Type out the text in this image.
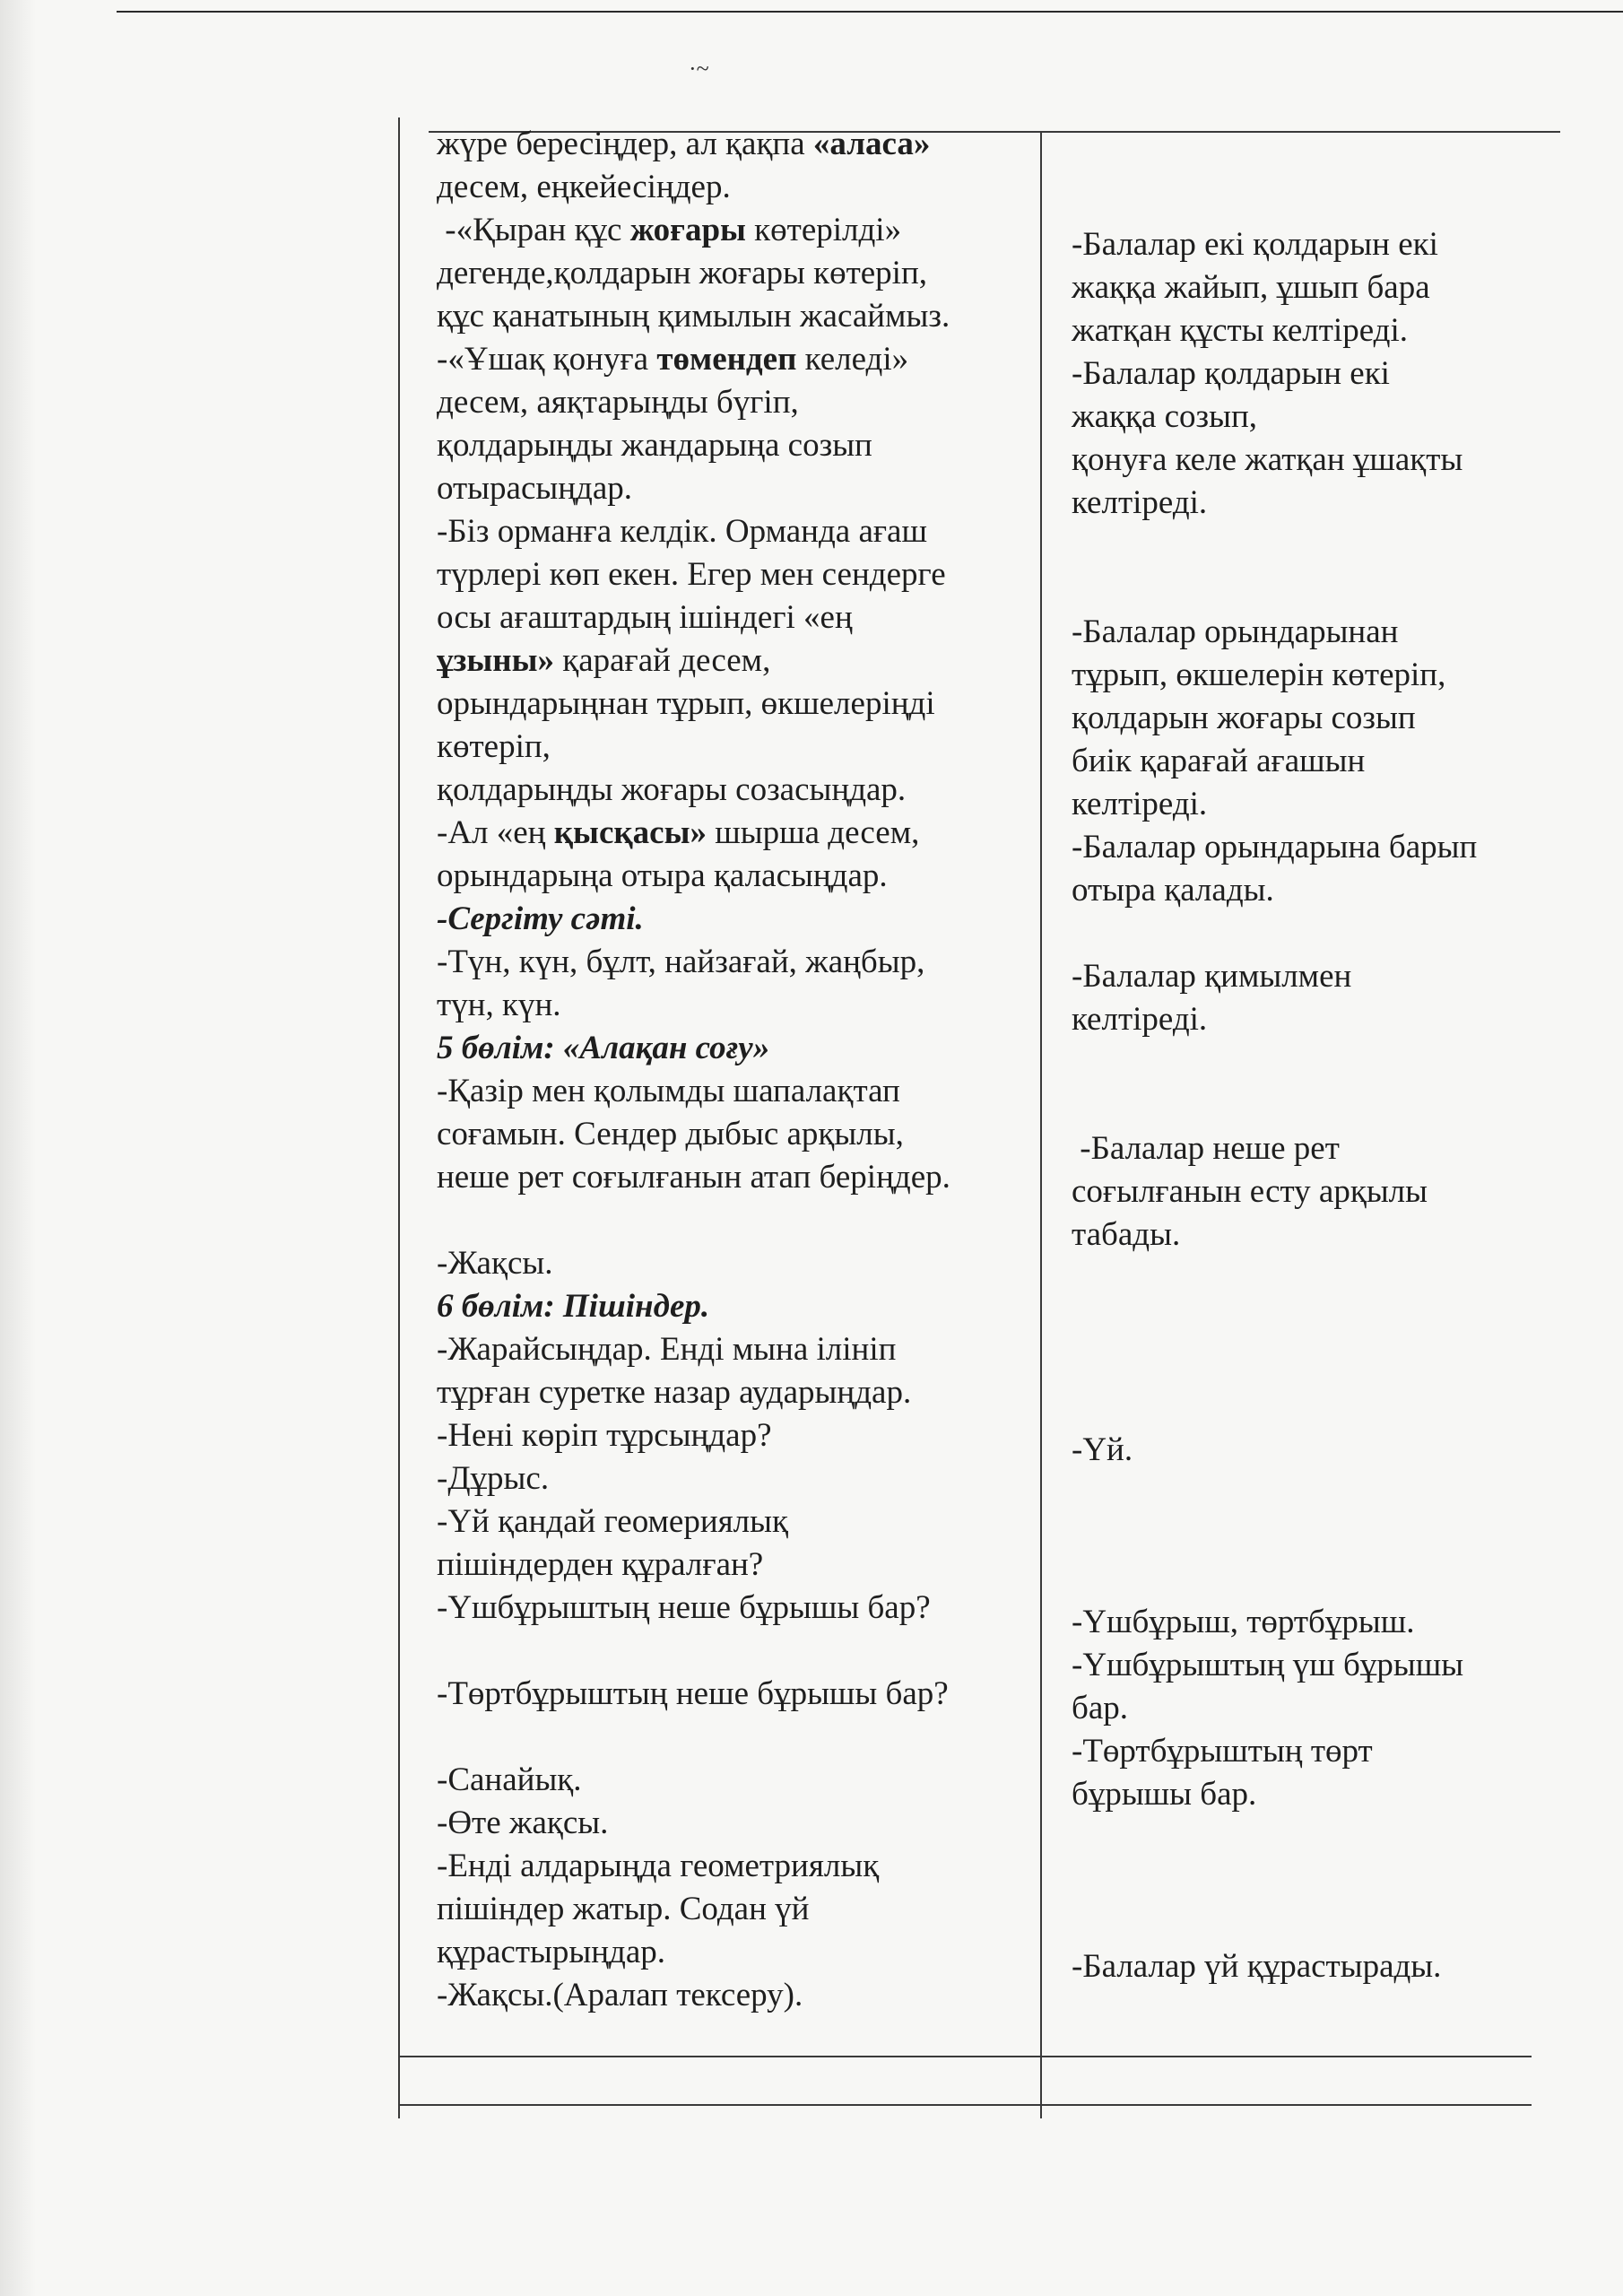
·~
жүре бересіңдер, ал қақпа «аласа»
десем, еңкейесіңдер.
-«Қыран құс жоғары көтерілді»
дегенде,қолдарын жоғары көтеріп,
құс қанатының қимылын жасаймыз.
-«Ұшақ қонуға төмендеп келеді»
десем, аяқтарыңды бүгіп,
қолдарыңды жандарыңа созып
отырасыңдар.
-Біз орманға келдік. Орманда ағаш
түрлері көп екен. Егер мен сендерге
осы ағаштардың ішіндегі «ең
ұзыны» қарағай десем,
орындарыңнан тұрып, өкшелеріңді
көтеріп,
қолдарыңды жоғары созасыңдар.
-Ал «ең қысқасы» шырша десем,
орындарыңа отыра қаласыңдар.
-Сергіту сәті.
-Түн, күн, бұлт, найзағай, жаңбыр,
түн, күн.
5 бөлім: «Алақан соғу»
-Қазір мен қолымды шапалақтап
соғамын. Сендер дыбыс арқылы,
неше рет соғылғанын атап беріңдер.
-Жақсы.
6 бөлім: Пішіндер.
-Жарайсыңдар. Енді мына ілініп
тұрған суретке назар аударыңдар.
-Нені көріп тұрсыңдар?
-Дұрыс.
-Үй қандай геомериялық
пішіндерден құралған?
-Үшбұрыштың неше бұрышы бар?
-Төртбұрыштың неше бұрышы бар?
-Санайық.
-Өте жақсы.
-Енді алдарыңда геометриялық
пішіндер жатыр. Содан үй
құрастырыңдар.
-Жақсы.(Аралап тексеру).
-Балалар екі қолдарын екі
жаққа жайып, ұшып бара
жатқан құсты келтіреді.
-Балалар қолдарын екі
жаққа созып,
қонуға келе жатқан ұшақты
келтіреді.
-Балалар орындарынан
тұрып, өкшелерін көтеріп,
қолдарын жоғары созып
биік қарағай ағашын
келтіреді.
-Балалар орындарына барып
отыра қалады.
-Балалар қимылмен
келтіреді.
-Балалар неше рет
соғылғанын есту арқылы
табады.
-Үй.
-Үшбұрыш, төртбұрыш.
-Үшбұрыштың үш бұрышы
бар.
-Төртбұрыштың төрт
бұрышы бар.
-Балалар үй құрастырады.
